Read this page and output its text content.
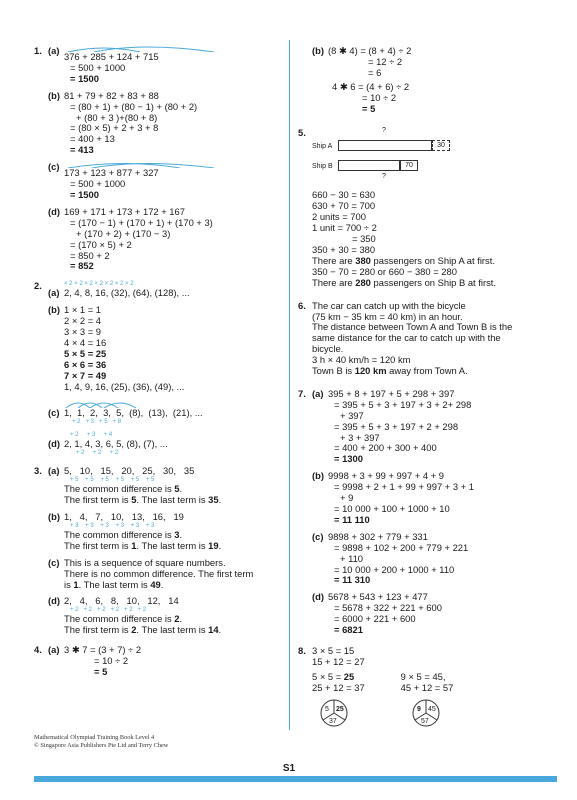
1. (a)
376 + 285 + 124 + 715
= 500 + 1000
= 1500
(b) 81 + 79 + 82 + 83 + 88
= (80 + 1) + (80 − 1) + (80 + 2)
+ (80 + 3 )+(80 + 8)
= (80 × 5) + 2 + 3 + 8
= 400 + 13
= 413
(c)
173 + 123 + 877 + 327
= 500 + 1000
= 1500
(d) 169 + 171 + 173 + 172 + 167
= (170 − 1) + (170 + 1) + (170 + 3)
+ (170 + 2) + (170 − 3)
= (170 × 5) + 2
= 850 + 2
= 852
2.
(a)
× 2 × 2 × 2 × 2 × 2 × 2 × 2
2, 4, 8, 16, (32), (64), (128), ...
(b) 1 × 1 = 1
2 × 2 = 4
3 × 3 = 9
4 × 4 = 16
5 × 5 = 25
6 × 6 = 36
7 × 7 = 49
1, 4, 9, 16, (25), (36), (49), ...
(c) 1,  1,  2,  3,  5,  (8),  (13),  (21), ...
+ 2   + 3   + 5   + 8
(d)
+ 2     + 3     + 4
2, 1, 4, 3, 6, 5, (8), (7), ...
+ 2     + 2     + 2
3. (a) 5,   10,   15,   20,   25,   30,   35
+ 5    + 5    + 5    + 5    + 5    + 5
The common difference is 5.
The first term is 5. The last term is 35.
(b) 1,   4,   7,   10,   13,   16,   19
+ 3    + 3    + 3    + 3    + 3    + 3
The common difference is 3.
The first term is 1. The last term is 19.
(c) This is a sequence of square numbers.
There is no common difference. The first term
is 1. The last term is 49.
(d) 2,   4,   6,   8,   10,   12,   14
+ 2   + 2   + 2   + 2   + 2   + 2
The common difference is 2.
The first term is 2. The last term is 14.
4. (a) 3 ✱ 7 = (3 + 7) ÷ 2
= 10 ÷ 2
= 5
(b) (8 ✱ 4) = (8 + 4) ÷ 2
= 12 ÷ 2
= 6
4 ✱ 6 = (4 + 6) ÷ 2
= 10 ÷ 2
= 5
5.
Ship A
Ship B
?
30
70
?
660 − 30 = 630
630 + 70 = 700
2 units = 700
1 unit = 700 ÷ 2
= 350
350 + 30 = 380
There are 380 passengers on Ship A at first.
350 − 70 = 280 or 660 − 380 = 280
There are 280 passengers on Ship B at first.
6. The car can catch up with the bicycle
(75 km − 35 km = 40 km) in an hour.
The distance between Town A and Town B is the
same distance for the car to catch up with the
bicycle.
3 h × 40 km/h = 120 km
Town B is 120 km away from Town A.
7. (a) 395 + 8 + 197 + 5 + 298 + 397
= 395 + 5 + 3 + 197 + 3 + 2+ 298
+ 397
= 395 + 5 + 3 + 197 + 2 + 298
+ 3 + 397
= 400 + 200 + 300 + 400
= 1300
(b) 9998 + 3 + 99 + 997 + 4 + 9
= 9998 + 2 + 1 + 99 + 997 + 3 + 1
+ 9
= 10 000 + 100 + 1000 + 10
= 11 110
(c) 9898 + 302 + 779 + 331
= 9898 + 102 + 200 + 779 + 221
+ 110
= 10 000 + 200 + 1000 + 110
= 11 310
(d) 5678 + 543 + 123 + 477
= 5678 + 322 + 221 + 600
= 6000 + 221 + 600
= 6821
8. 3 × 5 = 15
15 + 12 = 27
5 × 5 = 25
25 + 12 = 37
9 × 5 = 45,
45 + 12 = 57
5 25
37
9 45
57
Mathematical Olympiad Training Book Level 4
© Singapore Asia Publishers Pte Ltd and Terry Chew
S1
